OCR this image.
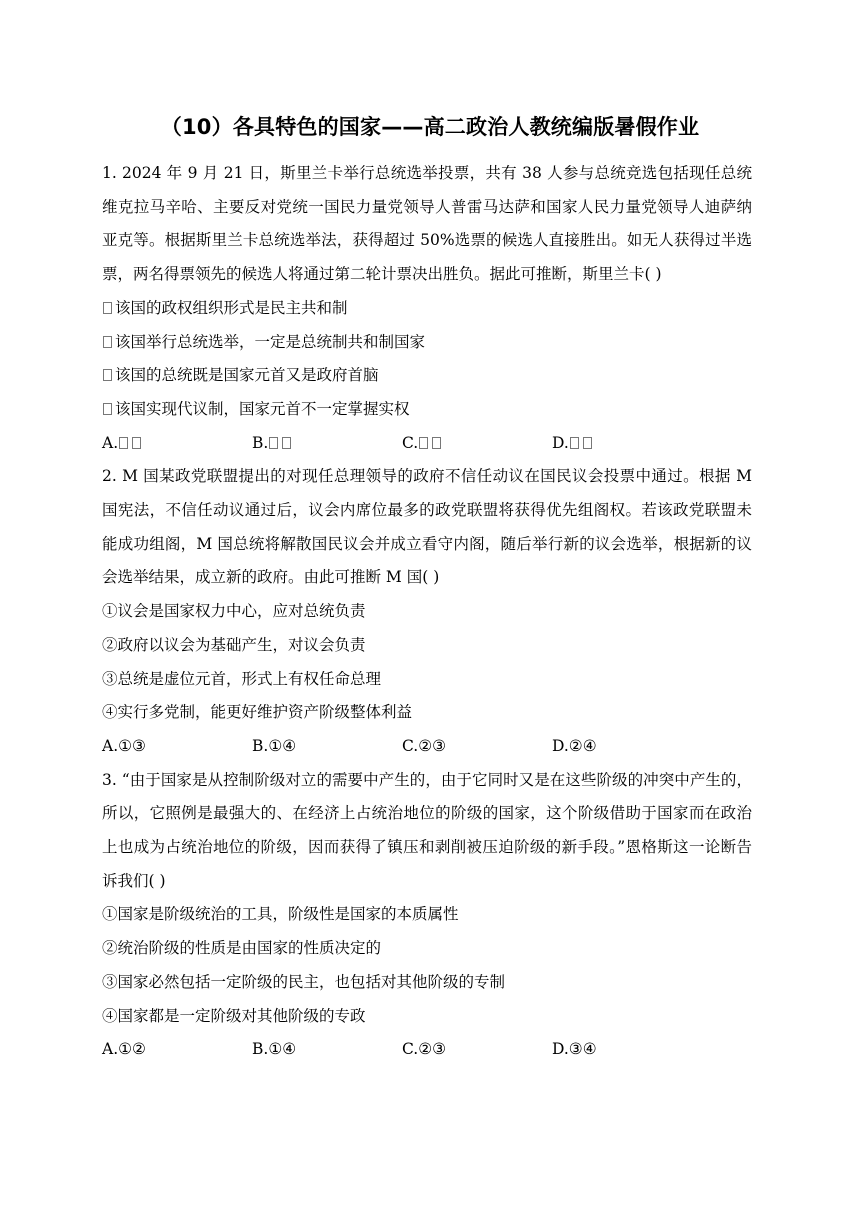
（10）各具特色的国家——高二政治人教统编版暑假作业

1. 2024 年 9 月 21 日，斯里兰卡举行总统选举投票，共有 38 人参与总统竞选包括现任总统维克拉马辛哈、主要反对党统一国民力量党领导人普雷马达萨和国家人民力量党领导人迪萨纳亚克等。根据斯里兰卡总统选举法，获得超过 50%选票的候选人直接胜出。如无人获得过半选票，两名得票领先的候选人将通过第二轮计票决出胜负。据此可推断，斯里兰卡( )

该国的政权组织形式是民主共和制

该国举行总统选举，一定是总统制共和制国家

该国的总统既是国家元首又是政府首脑

该国实现代议制，国家元首不一定掌握实权

A.	B.	C.	D.

2. M 国某政党联盟提出的对现任总理领导的政府不信任动议在国民议会投票中通过。根据 M 国宪法，不信任动议通过后，议会内席位最多的政党联盟将获得优先组阁权。若该政党联盟未能成功组阁，M 国总统将解散国民议会并成立看守内阁，随后举行新的议会选举，根据新的议会选举结果，成立新的政府。由此可推断 M 国( )

①议会是国家权力中心，应对总统负责

②政府以议会为基础产生，对议会负责

③总统是虚位元首，形式上有权任命总理

④实行多党制，能更好维护资产阶级整体利益

A.①③	B.①④	C.②③	D.②④

3. “由于国家是从控制阶级对立的需要中产生的，由于它同时又是在这些阶级的冲突中产生的，所以，它照例是最强大的、在经济上占统治地位的阶级的国家，这个阶级借助于国家而在政治上也成为占统治地位的阶级，因而获得了镇压和剥削被压迫阶级的新手段。”恩格斯这一论断告诉我们( )

①国家是阶级统治的工具，阶级性是国家的本质属性

②统治阶级的性质是由国家的性质决定的

③国家必然包括一定阶级的民主，也包括对其他阶级的专制

④国家都是一定阶级对其他阶级的专政

A.①②	B.①④	C.②③	D.③④
